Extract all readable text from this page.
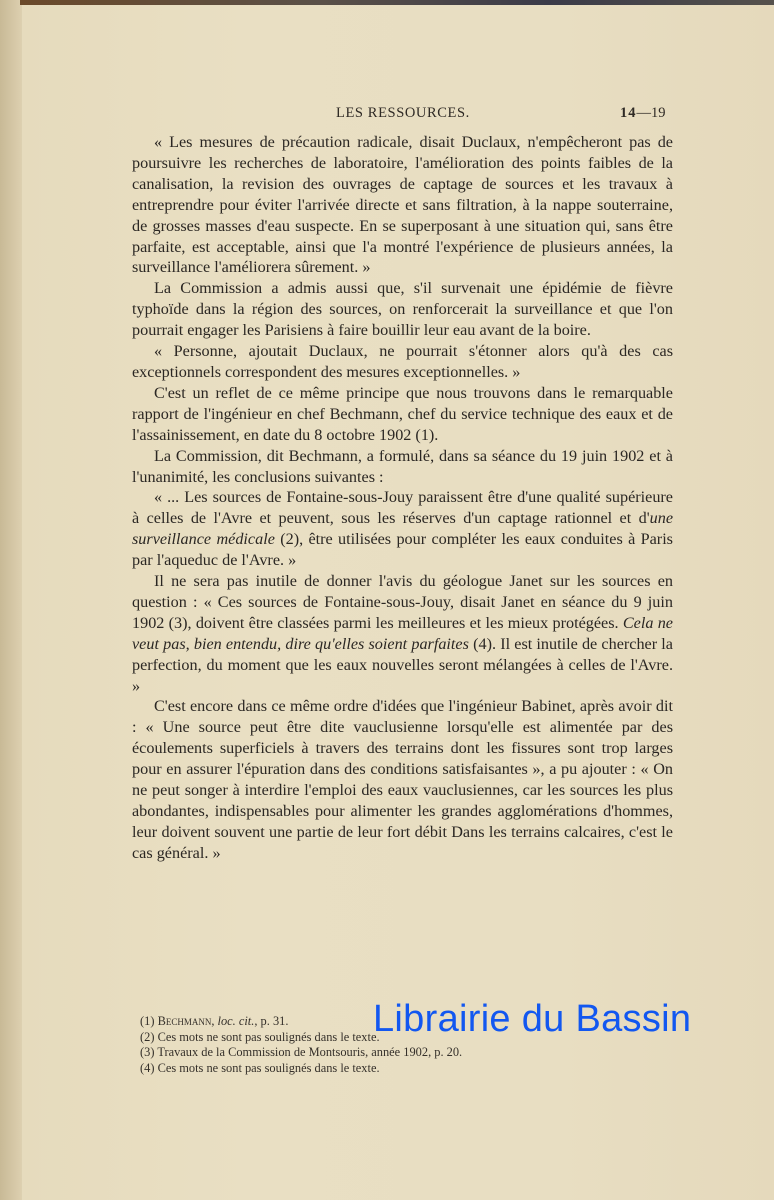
LES RESSOURCES.	14—19

« Les mesures de précaution radicale, disait Duclaux, n'empêcheront pas de poursuivre les recherches de laboratoire, l'amélioration des points faibles de la canalisation, la revision des ouvrages de captage de sources et les travaux à entreprendre pour éviter l'arrivée directe et sans filtration, à la nappe souterraine, de grosses masses d'eau suspecte. En se superposant à une situation qui, sans être parfaite, est acceptable, ainsi que l'a montré l'expérience de plusieurs années, la surveillance l'améliorera sûrement. »

La Commission a admis aussi que, s'il survenait une épidémie de fièvre typhoïde dans la région des sources, on renforcerait la surveillance et que l'on pourrait engager les Parisiens à faire bouillir leur eau avant de la boire.

« Personne, ajoutait Duclaux, ne pourrait s'étonner alors qu'à des cas exceptionnels correspondent des mesures exceptionnelles. »

C'est un reflet de ce même principe que nous trouvons dans le remarquable rapport de l'ingénieur en chef Bechmann, chef du service technique des eaux et de l'assainissement, en date du 8 octobre 1902 (1).

La Commission, dit Bechmann, a formulé, dans sa séance du 19 juin 1902 et à l'unanimité, les conclusions suivantes :

« ... Les sources de Fontaine-sous-Jouy paraissent être d'une qualité supérieure à celles de l'Avre et peuvent, sous les réserves d'un captage rationnel et d'une surveillance médicale (2), être utilisées pour compléter les eaux conduites à Paris par l'aqueduc de l'Avre. »

Il ne sera pas inutile de donner l'avis du géologue Janet sur les sources en question : « Ces sources de Fontaine-sous-Jouy, disait Janet en séance du 9 juin 1902 (3), doivent être classées parmi les meilleures et les mieux protégées. Cela ne veut pas, bien entendu, dire qu'elles soient parfaites (4). Il est inutile de chercher la perfection, du moment que les eaux nouvelles seront mélangées à celles de l'Avre. »

C'est encore dans ce même ordre d'idées que l'ingénieur Babinet, après avoir dit : « Une source peut être dite vauclusienne lorsqu'elle est alimentée par des écoulements superficiels à travers des terrains dont les fissures sont trop larges pour en assurer l'épuration dans des conditions satisfaisantes », a pu ajouter : « On ne peut songer à interdire l'emploi des eaux vauclusiennes, car les sources les plus abondantes, indispensables pour alimenter les grandes agglomérations d'hommes, leur doivent souvent une partie de leur fort débit Dans les terrains calcaires, c'est le cas général. »

(1) Bechmann, loc. cit., p. 31.
(2) Ces mots ne sont pas soulignés dans le texte.
(3) Travaux de la Commission de Montsouris, année 1902, p. 20.
(4) Ces mots ne sont pas soulignés dans le texte.
Librairie du Bassin
